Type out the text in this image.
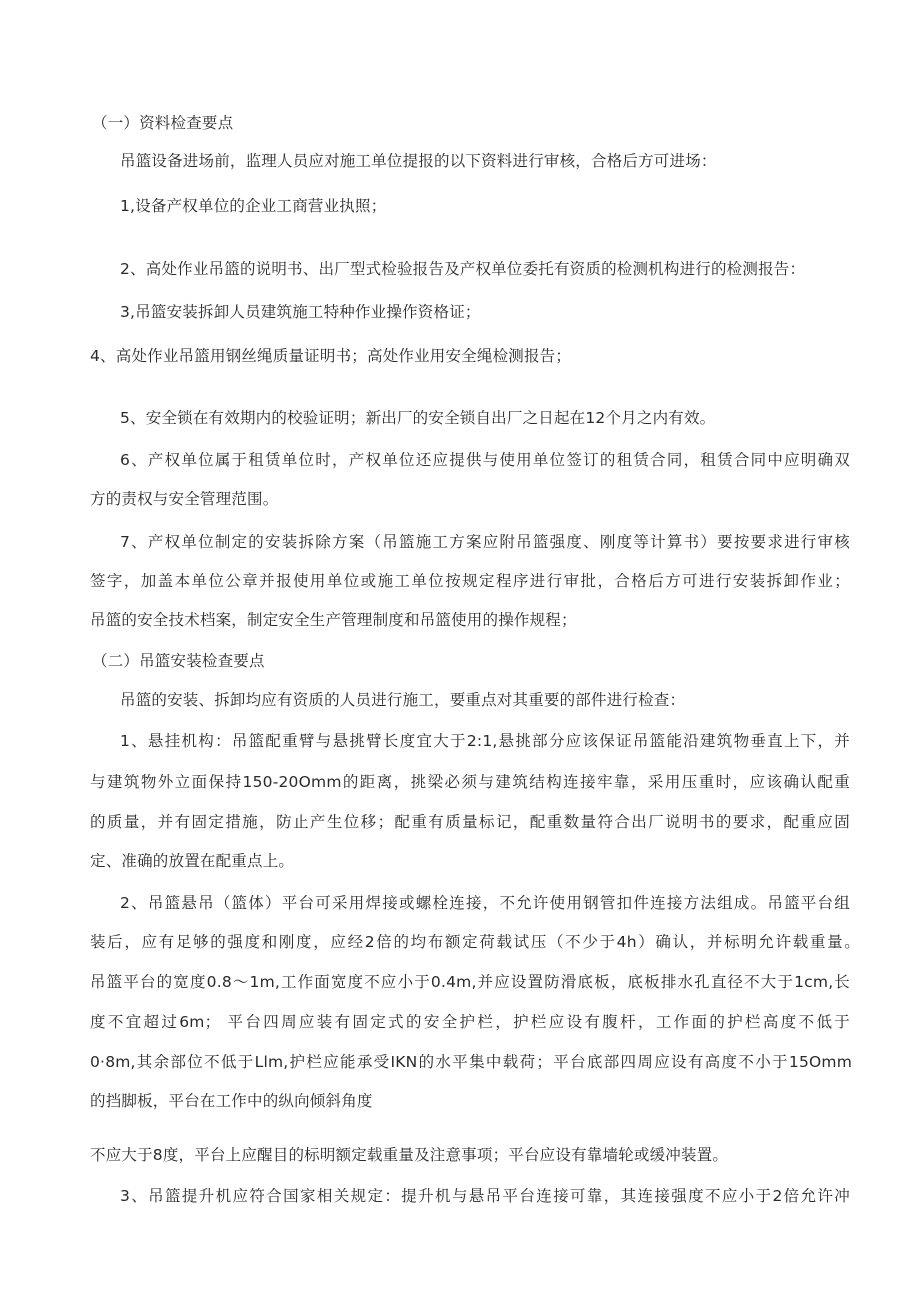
（一）资料检查要点
吊篮设备进场前，监理人员应对施工单位提报的以下资料进行审核，合格后方可进场：
1,设备产权单位的企业工商营业执照；
2、高处作业吊篮的说明书、出厂型式检验报告及产权单位委托有资质的检测机构进行的检测报告：
3,吊篮安装拆卸人员建筑施工特种作业操作资格证；
4、高处作业吊篮用钢丝绳质量证明书；高处作业用安全绳检测报告；
5、安全锁在有效期内的校验证明；新出厂的安全锁自出厂之日起在12个月之内有效。
6、产权单位属于租赁单位时，产权单位还应提供与使用单位签订的租赁合同，租赁合同中应明确双
方的责权与安全管理范围。
7、产权单位制定的安装拆除方案（吊篮施工方案应附吊篮强度、刚度等计算书）要按要求进行审核
签字，加盖本单位公章并报使用单位或施工单位按规定程序进行审批，合格后方可进行安装拆卸作业；
吊篮的安全技术档案，制定安全生产管理制度和吊篮使用的操作规程；
（二）吊篮安装检查要点
吊篮的安装、拆卸均应有资质的人员进行施工，要重点对其重要的部件进行检查：
1、悬挂机构：吊篮配重臂与悬挑臂长度宜大于2:1,悬挑部分应该保证吊篮能沿建筑物垂直上下，并
与建筑物外立面保持150-20Omm的距离，挑梁必须与建筑结构连接牢靠，采用压重时，应该确认配重
的质量，并有固定措施，防止产生位移；配重有质量标记，配重数量符合出厂说明书的要求，配重应固
定、准确的放置在配重点上。
2、吊篮悬吊（篮体）平台可采用焊接或螺栓连接，不允许使用钢管扣件连接方法组成。吊篮平台组
装后，应有足够的强度和刚度，应经2倍的均布额定荷载试压（不少于4h）确认，并标明允许载重量。
吊篮平台的宽度0.8～1m,工作面宽度不应小于0.4m,并应设置防滑底板，底板排水孔直径不大于1cm,长
度不宜超过6m； 平台四周应装有固定式的安全护栏，护栏应设有腹杆，工作面的护栏高度不低于
0·8m,其余部位不低于Llm,护栏应能承受IKN的水平集中载荷；平台底部四周应设有高度不小于15Omm
的挡脚板，平台在工作中的纵向倾斜角度
不应大于8度，平台上应醒目的标明额定载重量及注意事项；平台应设有靠墙轮或缓冲装置。
3、吊篮提升机应符合国家相关规定：提升机与悬吊平台连接可靠，其连接强度不应小于2倍允许冲
